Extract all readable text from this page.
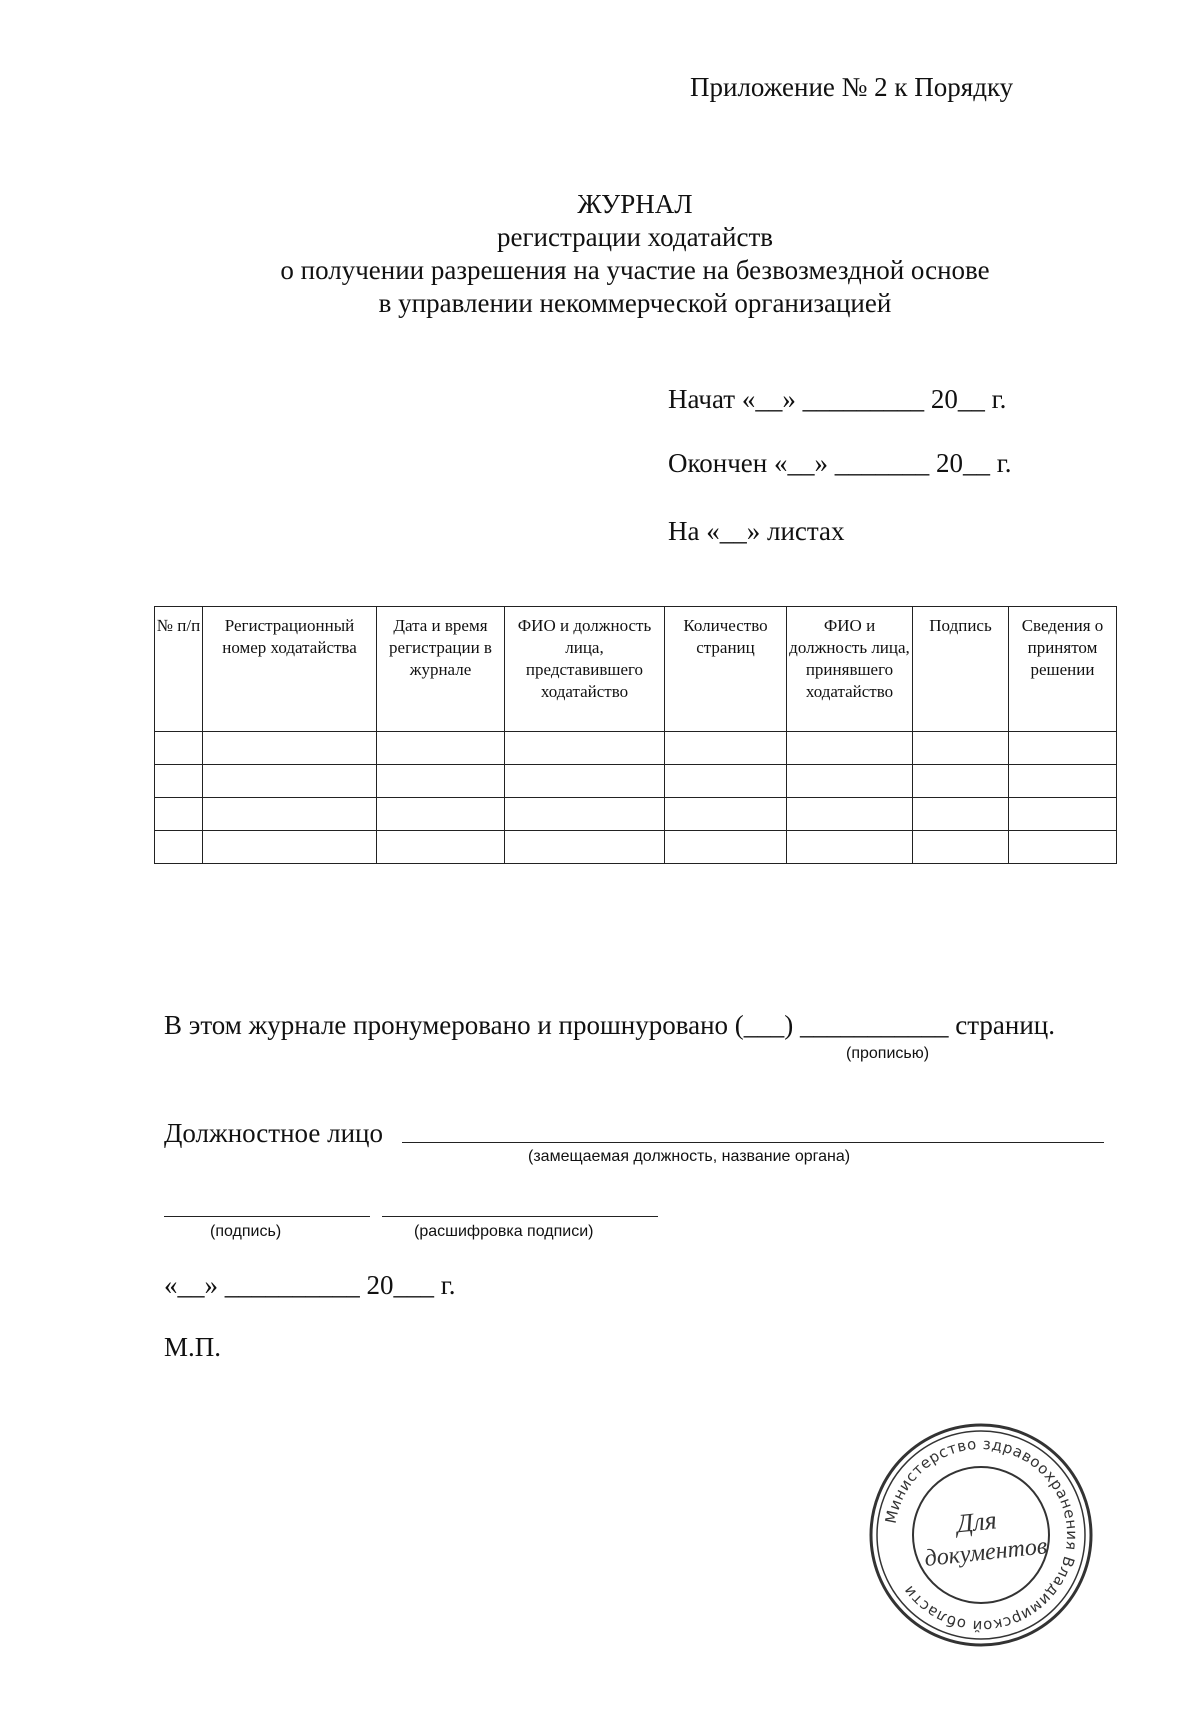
Приложение № 2 к Порядку
ЖУРНАЛ
регистрации ходатайств
о получении разрешения на участие на безвозмездной основе
в управлении некоммерческой организацией
Начат «__» _________ 20__ г.
Окончен «__» _______ 20__ г.
На «__» листах
№ п/п	Регистрационный номер ходатайства	Дата и время регистрации в журнале	ФИО и должность лица, представившего ходатайство	Количество страниц	ФИО и должность лица, принявшего ходатайство	Подпись	Сведения о принятом решении

В этом журнале пронумеровано и прошнуровано (___) ___________ страниц.
(прописью)
Должностное лицо
(замещаемая должность, название органа)
(подпись)	(расшифровка подписи)
«__» __________ 20___ г.
М.П.
Министерство здравоохранения Владимирской области
Для
документов
